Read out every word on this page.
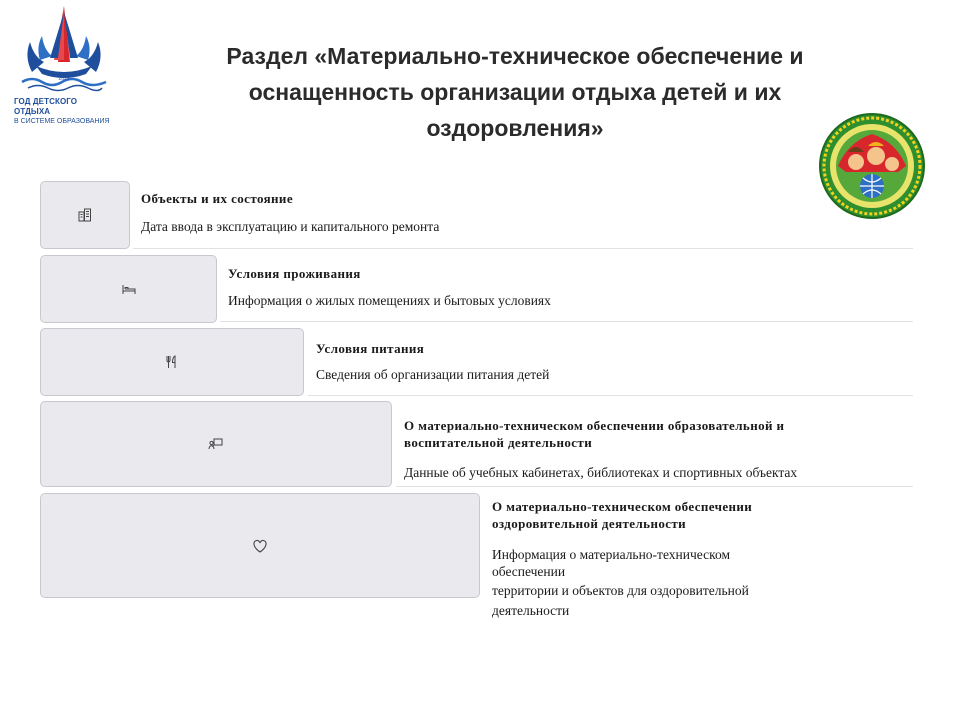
2025
ГОД ДЕТСКОГО ОТДЫХА
В СИСТЕМЕ ОБРАЗОВАНИЯ
Раздел «Материально-техническое обеспечение и
оснащенность организации отдыха детей и их
оздоровления»
Объекты и их состояние
Дата ввода в эксплуатацию и капитального ремонта
Условия проживания
Информация о жилых помещениях и бытовых условиях
Условия питания
Сведения об организации питания детей
О материально-техническом обеспечении образовательной и
воспитательной деятельности
Данные об учебных кабинетах, библиотеках и спортивных объектах
О материально-техническом обеспечении
оздоровительной деятельности
Информация о материально-техническом
обеспечении
территории и объектов для оздоровительной
деятельности
